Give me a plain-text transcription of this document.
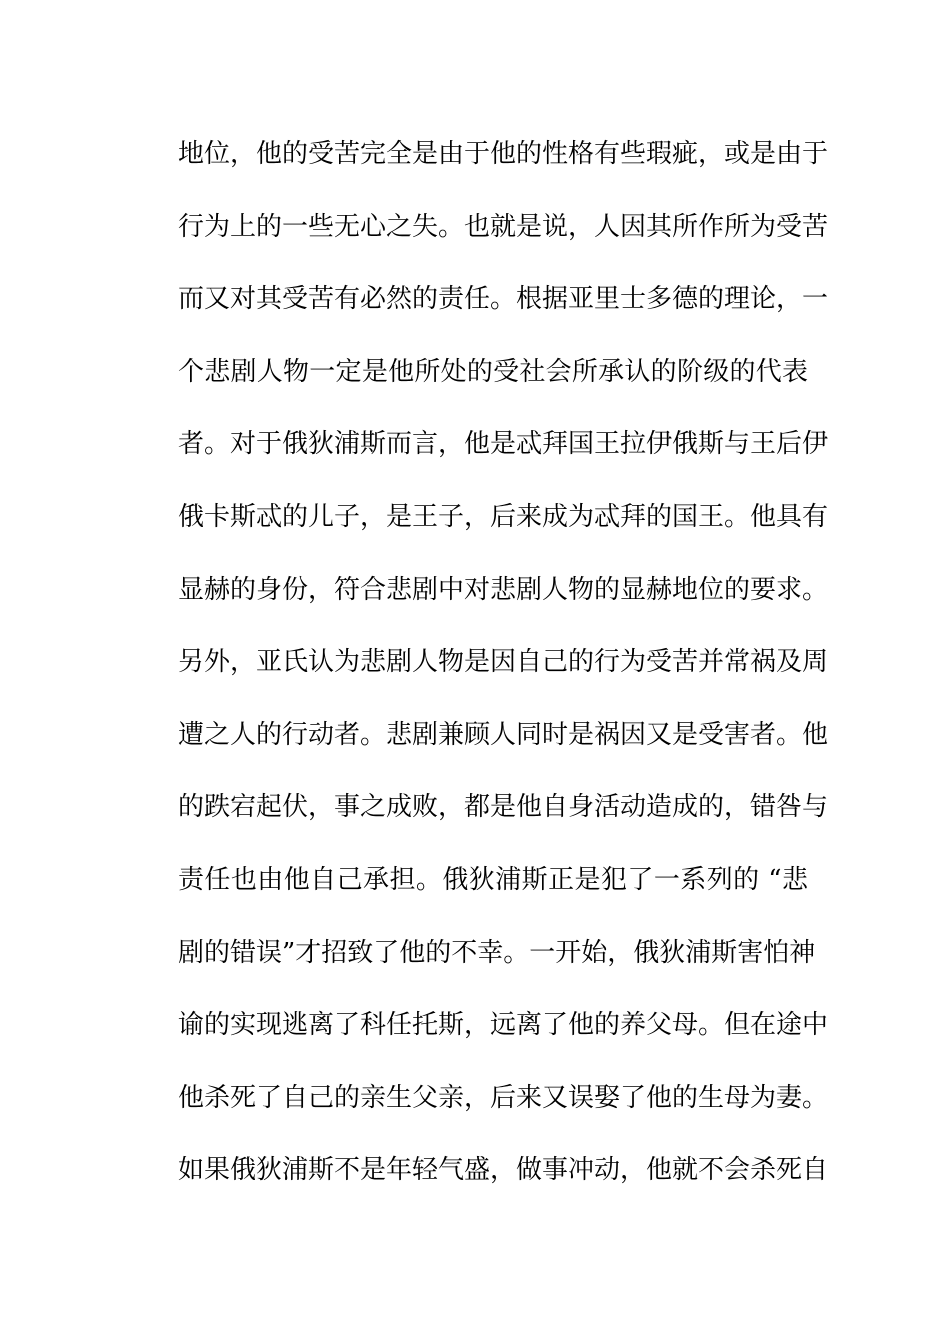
地位，他的受苦完全是由于他的性格有些瑕疵，或是由于
行为上的一些无心之失。也就是说，人因其所作所为受苦
而又对其受苦有必然的责任。根据亚里士多德的理论，一
个悲剧人物一定是他所处的受社会所承认的阶级的代表
者。对于俄狄浦斯而言，他是忒拜国王拉伊俄斯与王后伊
俄卡斯忒的儿子，是王子，后来成为忒拜的国王。他具有
显赫的身份，符合悲剧中对悲剧人物的显赫地位的要求。
另外，亚氏认为悲剧人物是因自己的行为受苦并常祸及周
遭之人的行动者。悲剧兼顾人同时是祸因又是受害者。他
的跌宕起伏，事之成败，都是他自身活动造成的，错咎与
责任也由他自己承担。俄狄浦斯正是犯了一系列的 “悲
剧的错误”才招致了他的不幸。一开始，俄狄浦斯害怕神
谕的实现逃离了科任托斯，远离了他的养父母。但在途中
他杀死了自己的亲生父亲，后来又误娶了他的生母为妻。
如果俄狄浦斯不是年轻气盛，做事冲动，他就不会杀死自
